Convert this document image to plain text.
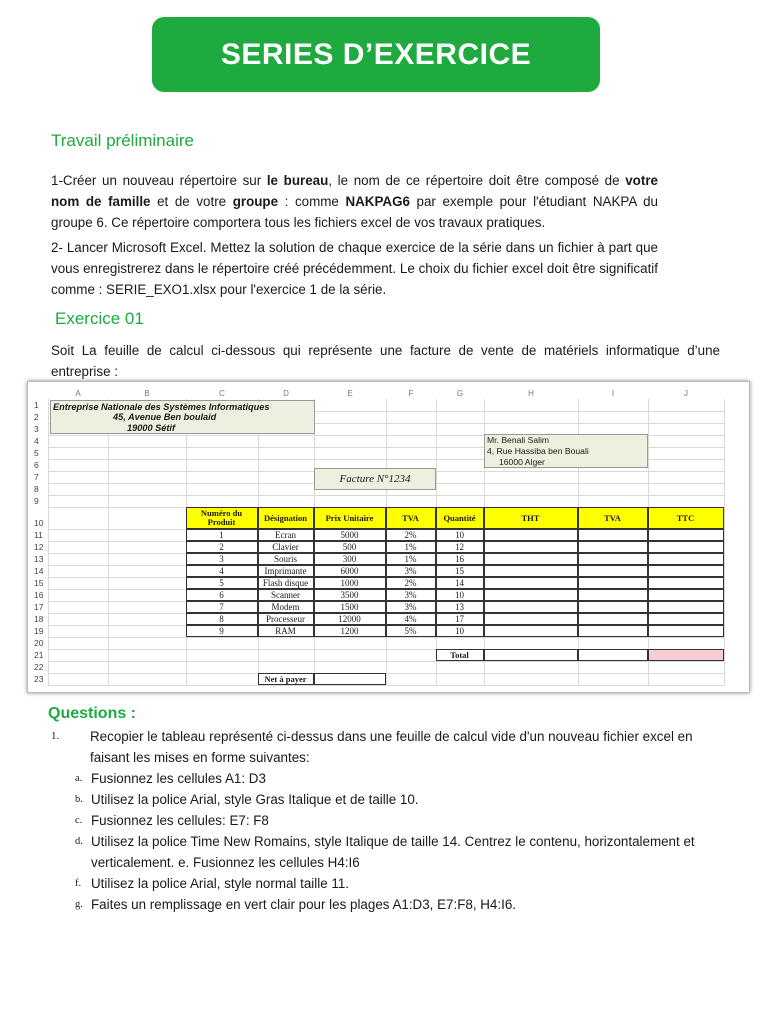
SERIES D’EXERCICE
Travail préliminaire
1-Créer un nouveau répertoire sur le bureau, le nom de ce répertoire doit être composé de votre nom de famille et de votre groupe : comme NAKPAG6 par exemple pour l'étudiant NAKPA du groupe 6. Ce répertoire comportera tous les fichiers excel de vos travaux pratiques.
2- Lancer Microsoft Excel. Mettez la solution de chaque exercice de la série dans un fichier à part que vous enregistrerez dans le répertoire créé précédemment. Le choix du fichier excel doit être significatif comme : SERIE_EXO1.xlsx pour l'exercice 1 de la série.
Exercice 01
Soit La feuille de calcul ci-dessous qui représente une facture de vente de matériels informatique d’une entreprise :
A	B	C	D	E	F	G	H	I	J
1
2
3
4
5
6
7
8
9
10
11
12
13
14
15
16
17
18
19
20
21
22
23
Entreprise Nationale des Systèmes Informatiques
45, Avenue Ben boulaid
19000 Sétif
Mr. Benali Salim
4, Rue Hassiba ben Bouali
16000 Alger
Facture N°1234
Numéro du Produit	Désignation	Prix Unitaire	TVA	Quantité	THT	TVA	TTC
1	Ecran	5000	2%	10
2	Clavier	500	1%	12
3	Souris	300	1%	16
4	Imprimante	6000	3%	15
5	Flash disque	1000	2%	14
6	Scanner	3500	3%	10
7	Modem	1500	3%	13
8	Processeur	12000	4%	17
9	RAM	1200	5%	10
Total
Net à payer
Questions :
1. Recopier le tableau représenté ci-dessus dans une feuille de calcul vide d'un nouveau fichier excel en faisant les mises en forme suivantes:
a. Fusionnez les cellules A1: D3
b. Utilisez la police Arial, style Gras Italique et de taille 10.
c. Fusionnez les cellules: E7: F8
d. Utilisez la police Time New Romains, style Italique de taille 14. Centrez le contenu, horizontalement et verticalement. e. Fusionnez les cellules H4:I6
f. Utilisez la police Arial, style normal taille 11.
g. Faites un remplissage en vert clair pour les plages A1:D3, E7:F8, H4:I6.
